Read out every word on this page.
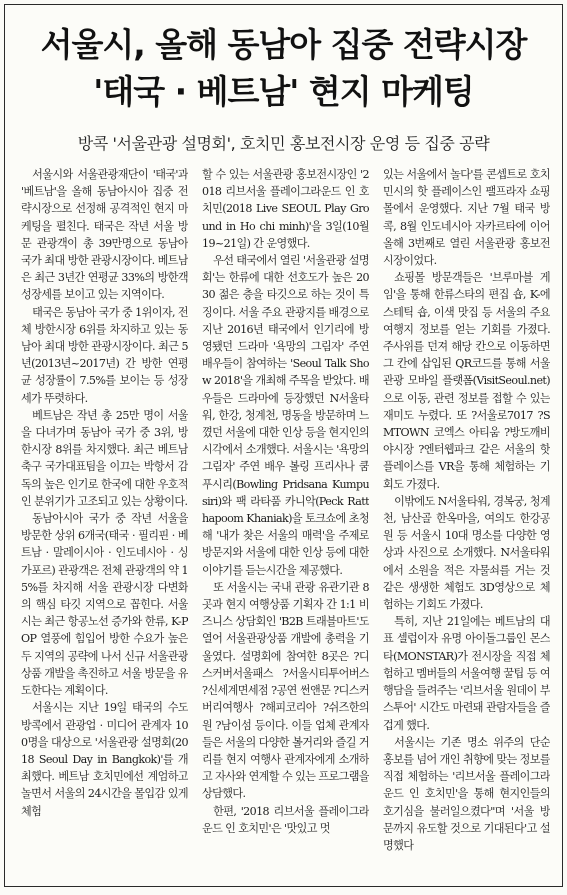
서울시, 올해 동남아 집중 전략시장
'태국 · 베트남' 현지 마케팅
방콕 '서울관광 설명회', 호치민 홍보전시장 운영 등 집중 공략

서울시와 서울관광재단이 '태국'과 '베트남'을 올해 동남아시아 집중 전략시장으로 선정해 공격적인 현지 마케팅을 펼친다. 태국은 작년 서울 방문 관광객이 총 39만명으로 동남아 국가 최대 방한 관광시장이다. 베트남은 최근 3년간 연평균 33%의 방한객 성장세를 보이고 있는 지역이다.

태국은 동남아 국가 중 1위이자, 전체 방한시장 6위를 차지하고 있는 동남아 최대 방한 관광시장이다. 최근 5년(2013년~2017년) 간 방한 연평균 성장률이 7.5%를 보이는 등 성장세가 뚜렷하다.

베트남은 작년 총 25만 명이 서울을 다녀가며 동남아 국가 중 3위, 방한시장 8위를 차지했다. 최근 베트남 축구 국가대표팀을 이끄는 박항서 감독의 높은 인기로 한국에 대한 우호적인 분위기가 고조되고 있는 상황이다.

동남아시아 국가 중 작년 서울을 방문한 상위 6개국(태국 · 필리핀 · 베트남 · 말레이시아 · 인도네시아 · 싱가포르) 관광객은 전체 관광객의 약 15%를 차지해 서울 관광시장 다변화의 핵심 타깃 지역으로 꼽힌다. 서울시는 최근 항공노선 증가와 한류, K-POP 열풍에 힘입어 방한 수요가 높은 두 지역의 공략에 나서 신규 서울관광상품 개발을 촉진하고 서울 방문을 유도한다는 계획이다.

서울시는 지난 19일 태국의 수도 방콕에서 관광업 · 미디어 관계자 100명을 대상으로 '서울관광 설명회(2018 Seoul Day in Bangkok)'를 개최했다. 베트남 호치민에선 계엄하고 놀면서 서울의 24시간을 몰입감 있게 체험

할 수 있는 서울관광 홍보전시장인 '2018 리브서울 플레이그라운드 인 호치민(2018 Live SEOUL Play Ground in Ho chi minh)'을 3일(10월 19~21일) 간 운영했다.

우선 태국에서 열린 '서울관광 설명회'는 한류에 대한 선호도가 높은 2030 젊은 층을 타깃으로 하는 것이 특징이다. 서울 주요 관광지를 배경으로 지난 2016년 태국에서 인기리에 방영됐던 드라마 '욕망의 그림자' 주연 배우들이 참여하는 'Seoul Talk Show 2018'을 개최해 주목을 받았다. 배우들은 드라마에 등장했던 N서울타워, 한강, 청계천, 명동을 방문하며 느꼈던 서울에 대한 인상 등을 현지인의 시각에서 소개했다. 서울시는 '욕망의 그림자' 주연 배우 볼링 프리사나 쿰푸시리(Bowling Pridsana Kumpusiri)와 팩 라타품 카니악(Peck Ratthapoom Khaniak)을 토크쇼에 초청해 '내가 찾은 서울의 매력'을 주제로 방문지와 서울에 대한 인상 등에 대한 이야기를 듣는시간을 제공했다.

또 서울시는 국내 관광 유관기관 8곳과 현지 여행상품 기획자 간 1:1 비즈니스 상담회인 'B2B 트래블마트'도 열어 서울관광상품 개발에 총력을 기울였다. 설명회에 참여한 8곳은 ?디스커버서울패스 ?서울시티투어버스 ?신세계면세점 ?공연 썬앤문 ?디스커버리여행사 ?해피코리아 ?쉬즈한의원 ?남이섬 등이다. 이들 업체 관계자들은 서울의 다양한 볼거리와 즐길 거리를 현지 여행사 관계자에게 소개하고 자사와 연계할 수 있는 프로그램을 상담했다.

한편, '2018 리브서울 플레이그라운드 인 호치민'은 '맛있고 멋

있는 서울에서 놀다'를 콘셉트로 호치민시의 핫 플레이스인 팰프라자 쇼핑몰에서 운영했다. 지난 7월 태국 방콕, 8월 인도네시아 자카르타에 이어 올해 3번째로 열린 서울관광 홍보전시장이었다.

쇼핑몰 방문객들은 '브루마블 게임'을 통해 한류스타의 편집 숍, K-에스테틱 숍, 이색 맛집 등 서울의 주요 여행지 정보를 얻는 기회를 가졌다. 주사위를 던져 해당 칸으로 이동하면 그 칸에 삽입된 QR코드를 통해 서울관광 모바일 플랫폼(VisitSeoul.net)으로 이동, 관련 정보를 접할 수 있는 재미도 누렸다. 또 ?서울로7017 ?SMTOWN 코엑스 아티움 ?방도깨비 야시장 ?엔터웹파크 같은 서울의 핫플레이스를 VR을 통해 체험하는 기회도 가졌다.

이밖에도 N서울타워, 경복궁, 청계천, 남산골 한옥마을, 여의도 한강공원 등 서울시 10대 명소를 다양한 영상과 사진으로 소개했다. N서울타워에서 소원을 적은 자물쇠를 거는 것 같은 생생한 체험도 3D영상으로 체험하는 기회도 가졌다.

특히, 지난 21일에는 베트남의 대표 셀럽이자 유명 아이돌그룹인 몬스타(MONSTAR)가 전시장을 직접 체험하고 멤버들의 서울여행 꿀팁 등 여행담을 들려주는 '리브서울 원데이 부스투어' 시간도 마련돼 관람자들을 즐겁게 했다.

서울시는 기존 명소 위주의 단순 홍보를 넘어 개인 취향에 맞는 정보를 직접 체험하는 '리브서울 플레이그라운드 인 호치민'을 통해 현지인들의 호기심을 불러일으켰다"며 '서울 방문까지 유도할 것으로 기대된다'고 설명했다
